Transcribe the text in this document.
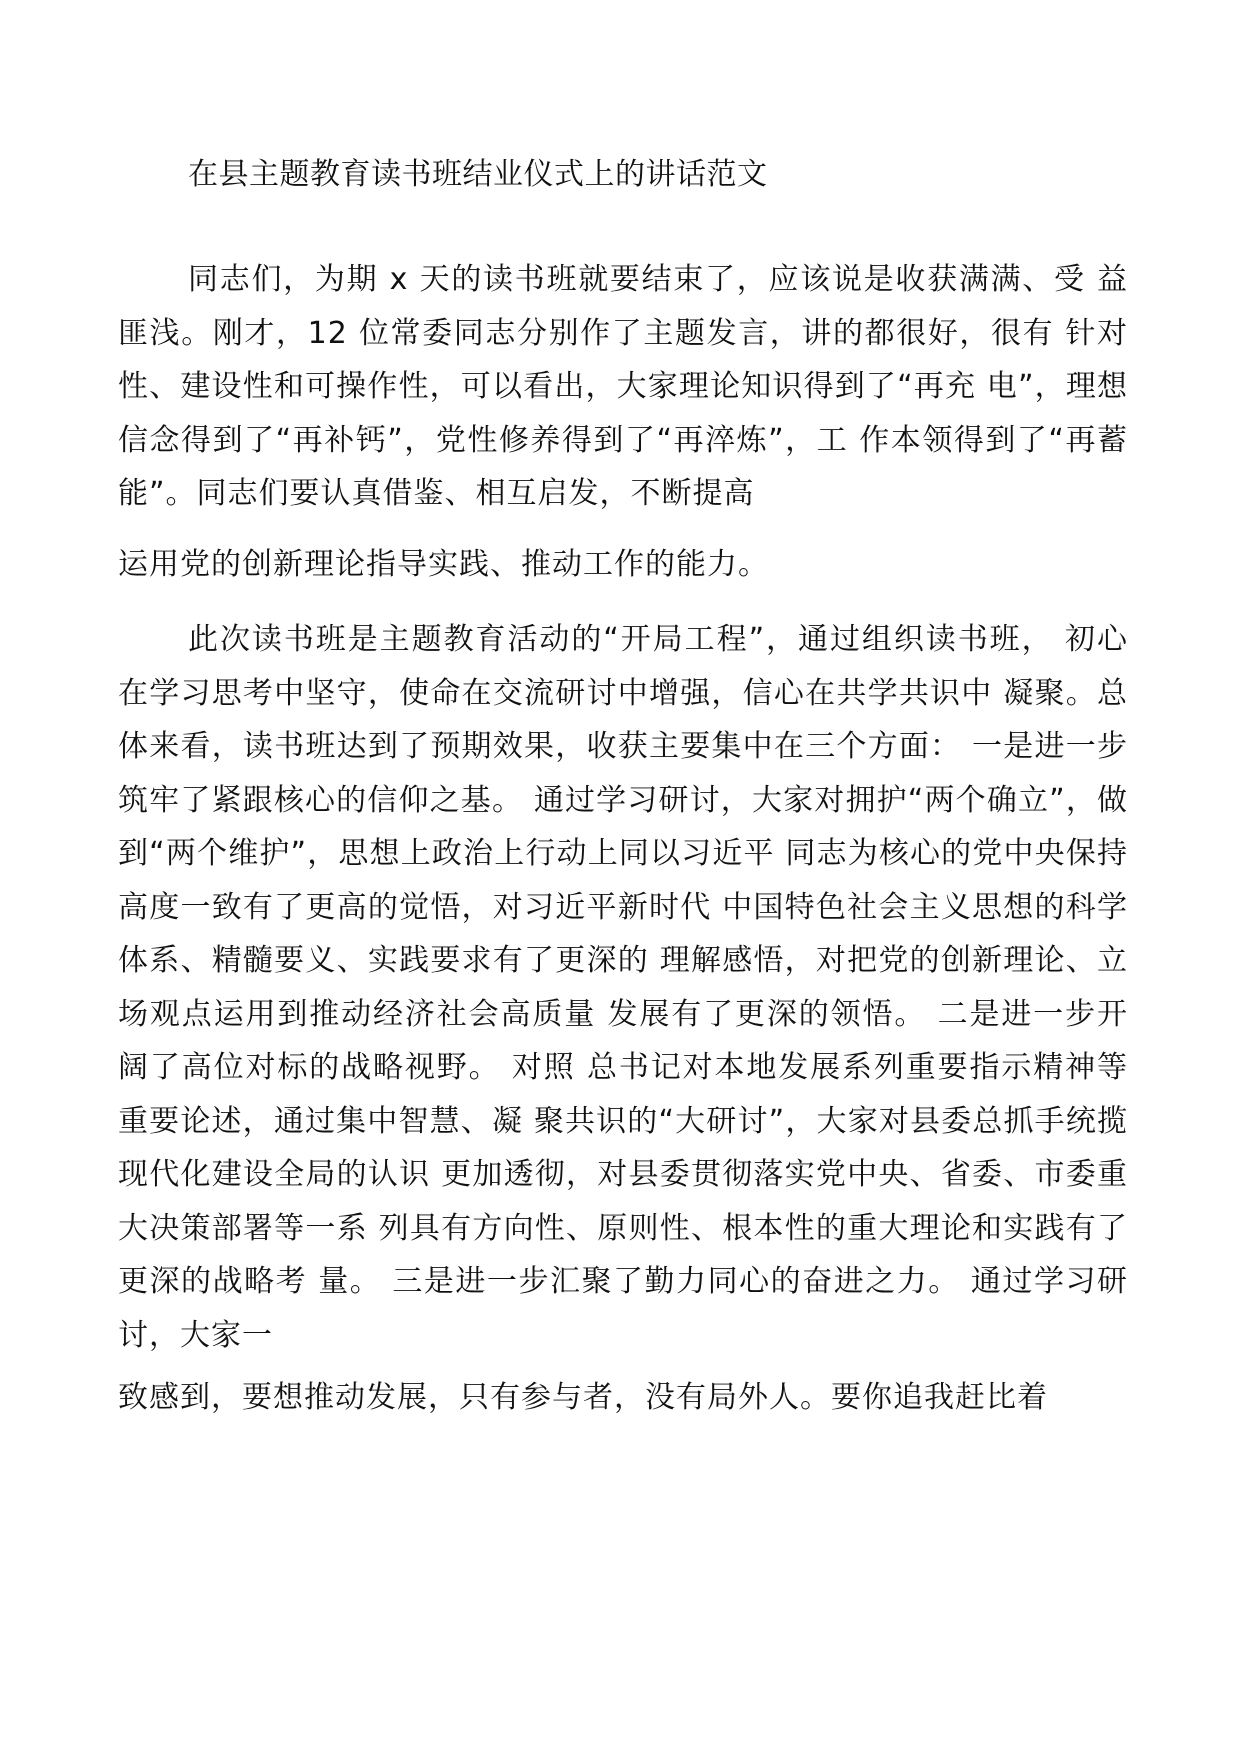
在县主题教育读书班结业仪式上的讲话范文

同志们，为期 x 天的读书班就要结束了，应该说是收获满满、受 益匪浅。刚才，12 位常委同志分别作了主题发言，讲的都很好，很有 针对性、建设性和可操作性，可以看出，大家理论知识得到了“再充 电”，理想信念得到了“再补钙”，党性修养得到了“再淬炼”，工 作本领得到了“再蓄能”。同志们要认真借鉴、相互启发，不断提高

运用党的创新理论指导实践、推动工作的能力。

此次读书班是主题教育活动的“开局工程”，通过组织读书班， 初心在学习思考中坚守，使命在交流研讨中增强，信心在共学共识中 凝聚。总体来看，读书班达到了预期效果，收获主要集中在三个方面： 一是进一步筑牢了紧跟核心的信仰之基。 通过学习研讨，大家对拥护“两个确立”，做到“两个维护”，思想上政治上行动上同以习近平 同志为核心的党中央保持高度一致有了更高的觉悟，对习近平新时代 中国特色社会主义思想的科学体系、精髓要义、实践要求有了更深的 理解感悟，对把党的创新理论、立场观点运用到推动经济社会高质量 发展有了更深的领悟。 二是进一步开阔了高位对标的战略视野。 对照 总书记对本地发展系列重要指示精神等重要论述，通过集中智慧、凝 聚共识的“大研讨”，大家对县委总抓手统揽现代化建设全局的认识 更加透彻，对县委贯彻落实党中央、省委、市委重大决策部署等一系 列具有方向性、原则性、根本性的重大理论和实践有了更深的战略考 量。 三是进一步汇聚了勤力同心的奋进之力。 通过学习研讨，大家一

致感到，要想推动发展，只有参与者，没有局外人。要你追我赶比着
